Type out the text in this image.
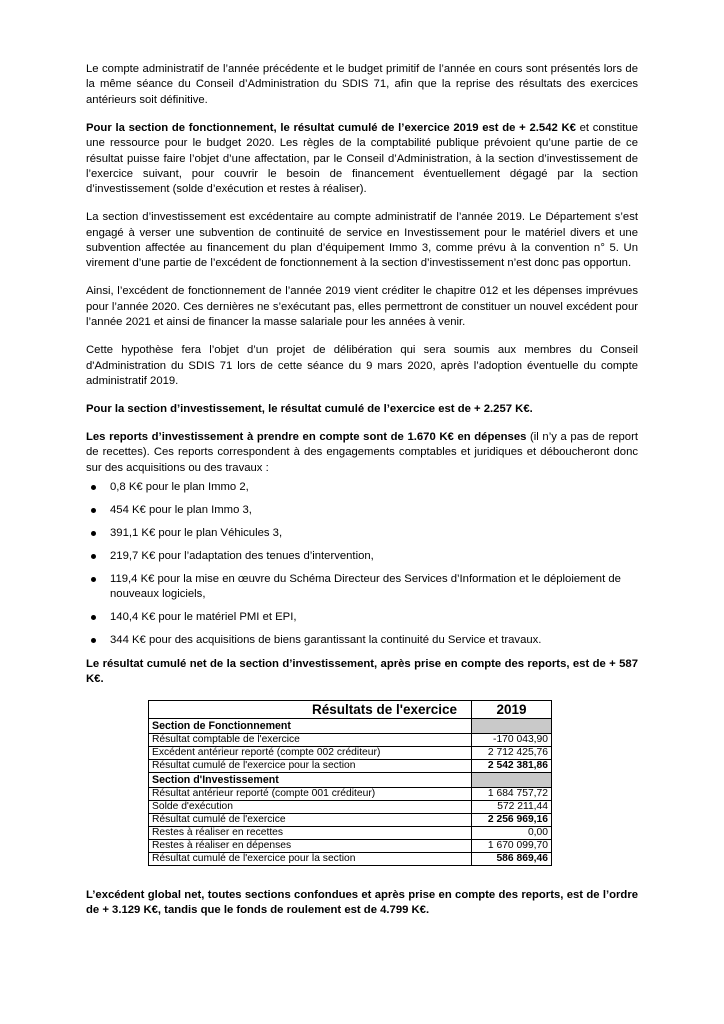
Le compte administratif de l’année précédente et le budget primitif de l’année en cours sont présentés lors de la même séance du Conseil d’Administration du SDIS 71, afin que la reprise des résultats des exercices antérieurs soit définitive.

Pour la section de fonctionnement, le résultat cumulé de l’exercice 2019 est de + 2.542 K€ et constitue une ressource pour le budget 2020. Les règles de la comptabilité publique prévoient qu’une partie de ce résultat puisse faire l’objet d’une affectation, par le Conseil d’Administration, à la section d’investissement de l’exercice suivant, pour couvrir le besoin de financement éventuellement dégagé par la section d’investissement (solde d’exécution et restes à réaliser).

La section d’investissement est excédentaire au compte administratif de l’année 2019. Le Département s’est engagé à verser une subvention de continuité de service en Investissement pour le matériel divers et une subvention affectée au financement du plan d’équipement Immo 3, comme prévu à la convention n° 5. Un virement d’une partie de l’excédent de fonctionnement à la section d’investissement n’est donc pas opportun.

Ainsi, l’excédent de fonctionnement de l’année 2019 vient créditer le chapitre 012 et les dépenses imprévues pour l’année 2020. Ces dernières ne s’exécutant pas, elles permettront de constituer un nouvel excédent pour l’année 2021 et ainsi de financer la masse salariale pour les années à venir.

Cette hypothèse fera l’objet d’un projet de délibération qui sera soumis aux membres du Conseil d'Administration du SDIS 71 lors de cette séance du 9 mars 2020, après l’adoption éventuelle du compte administratif 2019.

Pour la section d’investissement, le résultat cumulé de l’exercice est de + 2.257 K€.

Les reports d’investissement à prendre en compte sont de 1.670 K€ en dépenses (il n’y a pas de report de recettes). Ces reports correspondent à des engagements comptables et juridiques et déboucheront donc sur des acquisitions ou des travaux :

0,8 K€ pour le plan Immo 2,
454 K€ pour le plan Immo 3,
391,1 K€ pour le plan Véhicules 3,
219,7 K€ pour l’adaptation des tenues d’intervention,
119,4 K€ pour la mise en œuvre du Schéma Directeur des Services d’Information et le déploiement de nouveaux logiciels,
140,4 K€ pour le matériel PMI et EPI,
344 K€ pour des acquisitions de biens garantissant la continuité du Service et travaux.

Le résultat cumulé net de la section d’investissement, après prise en compte des reports, est de + 587 K€.

Résultats de l'exercice	2019
Section de Fonctionnement	
Résultat comptable de l'exercice	-170 043,90
Excédent antérieur reporté (compte 002 créditeur)	2 712 425,76
Résultat cumulé de l'exercice pour la section	2 542 381,86
Section d'Investissement	
Résultat antérieur reporté (compte 001 créditeur)	1 684 757,72
Solde d'exécution	572 211,44
Résultat cumulé de l'exercice	2 256 969,16
Restes à réaliser en recettes	0,00
Restes à réaliser en dépenses	1 670 099,70
Résultat cumulé de l'exercice pour la section	586 869,46

L’excédent global net, toutes sections confondues et après prise en compte des reports, est de l’ordre de + 3.129 K€, tandis que le fonds de roulement est de 4.799 K€.
